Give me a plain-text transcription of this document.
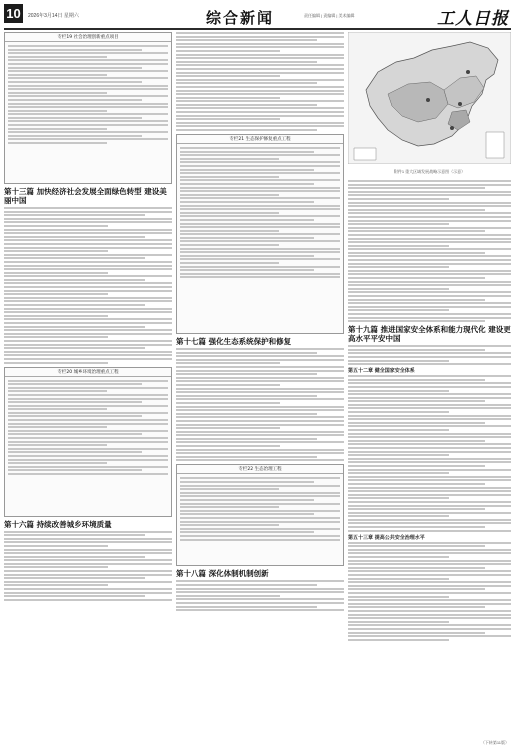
10	2026年3月14日 星期六	综合新闻	责任编辑 | 责编辑 | 美术编辑	工人日报
专栏19 社会治理创新重点项目
第十三篇 加快经济社会发展全面绿色转型 建设美丽中国
专栏20 城乡环境治理重点工程
第十六篇 持续改善城乡环境质量
专栏21 生态保护修复重点工程
第十七篇 强化生态系统保护和修复
专栏22 生态治理工程
第十八篇 深化体制机制创新
附件1 重大区域发展战略示意图（示意）
第十九篇 推进国家安全体系和能力现代化 建设更高水平平安中国
第五十二章 健全国家安全体系
第五十三章 提高公共安全治理水平
（下转第11版）
